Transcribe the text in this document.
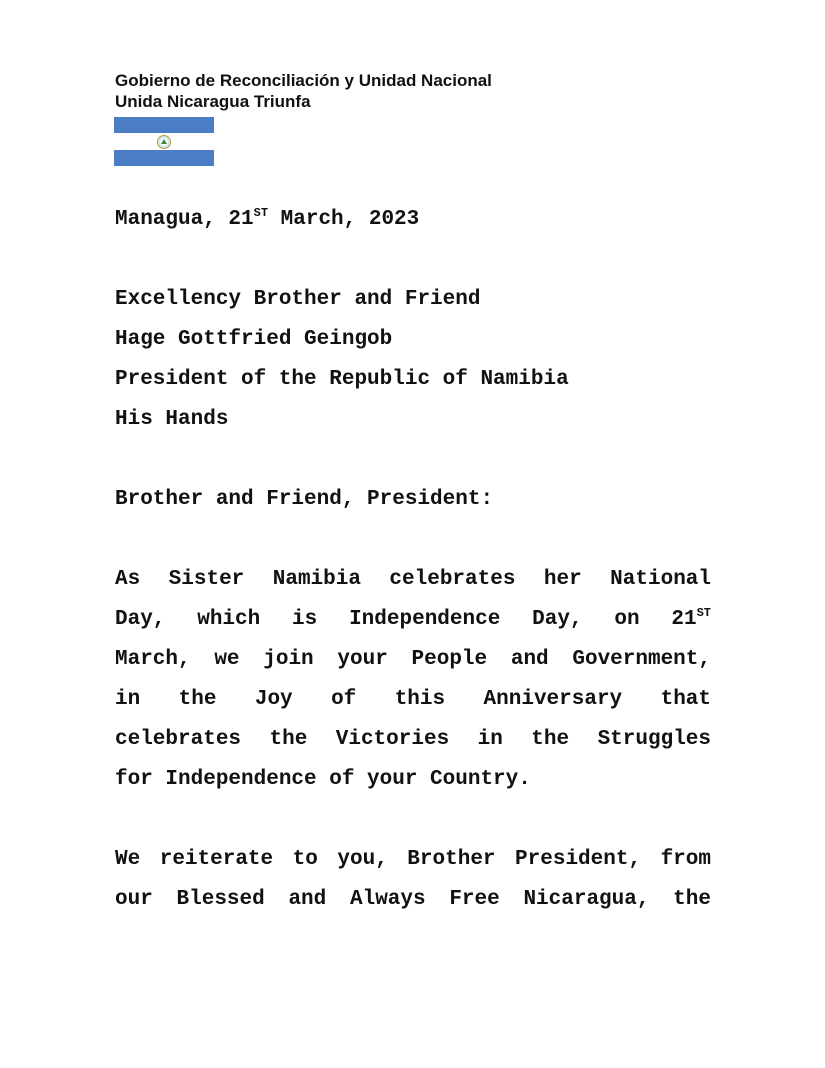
Gobierno de Reconciliación y Unidad Nacional
Unida Nicaragua Triunfa

Managua, 21ST March, 2023

Excellency Brother and Friend

Hage Gottfried Geingob

President of the Republic of Namibia

His Hands

Brother and Friend, President:

As Sister Namibia celebrates her National
Day, which is Independence Day, on 21ST
March, we join your People and Government,
in the Joy of this Anniversary that
celebrates the Victories in the Struggles
for Independence of your Country.
We reiterate to you, Brother President, from
our Blessed and Always Free Nicaragua, the
